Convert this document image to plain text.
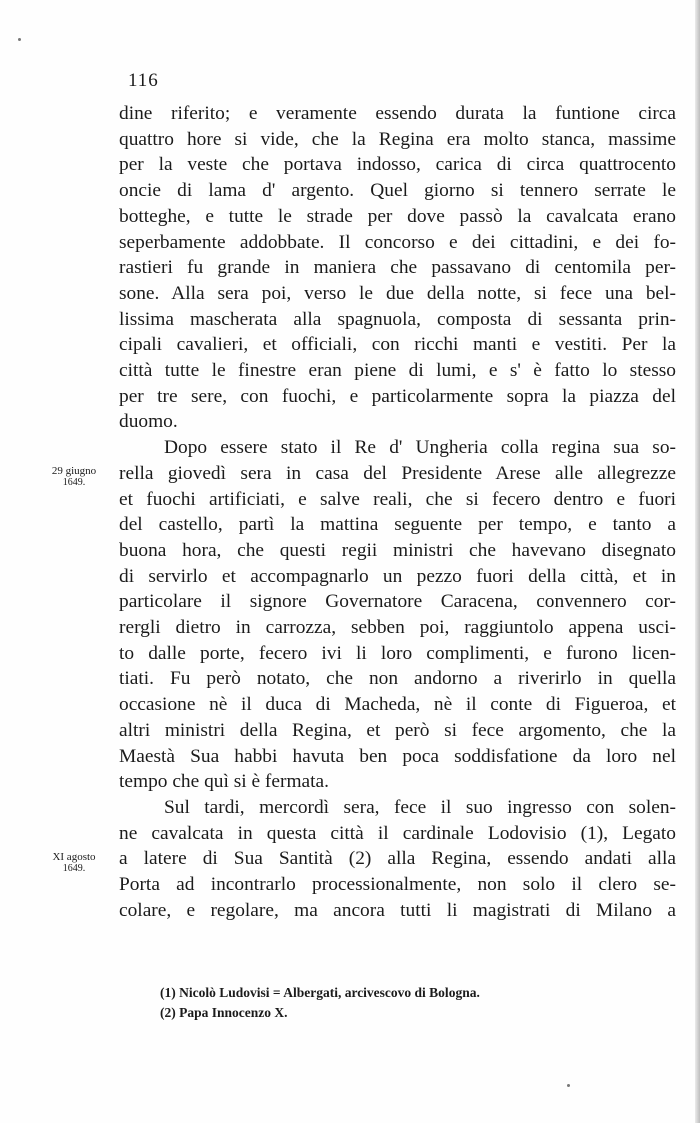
116
dine riferito; e veramente essendo durata la funtione circa
quattro hore si vide, che la Regina era molto stanca, massime
per la veste che portava indosso, carica di circa quattrocento
oncie di lama d' argento. Quel giorno si tennero serrate le
botteghe, e tutte le strade per dove passò la cavalcata erano
seperbamente addobbate. Il concorso e dei cittadini, e dei fo-
rastieri fu grande in maniera che passavano di centomila per-
sone. Alla sera poi, verso le due della notte, si fece una bel-
lissima mascherata alla spagnuola, composta di sessanta prin-
cipali cavalieri, et officiali, con ricchi manti e vestiti. Per la
città tutte le finestre eran piene di lumi, e s' è fatto lo stesso
per tre sere, con fuochi, e particolarmente sopra la piazza del
duomo.
Dopo essere stato il Re d' Ungheria colla regina sua so-
rella giovedì sera in casa del Presidente Arese alle allegrezze
et fuochi artificiati, e salve reali, che si fecero dentro e fuori
del castello, partì la mattina seguente per tempo, e tanto a
buona hora, che questi regii ministri che havevano disegnato
di servirlo et accompagnarlo un pezzo fuori della città, et in
particolare il signore Governatore Caracena, convennero cor-
rergli dietro in carrozza, sebben poi, raggiuntolo appena usci-
to dalle porte, fecero ivi li loro complimenti, e furono licen-
tiati. Fu però notato, che non andorno a riverirlo in quella
occasione nè il duca di Macheda, nè il conte di Figueroa, et
altri ministri della Regina, et però si fece argomento, che la
Maestà Sua habbi havuta ben poca soddisfatione da loro nel
tempo che quì si è fermata.
Sul tardi, mercordì sera, fece il suo ingresso con solen-
ne cavalcata in questa città il cardinale Lodovisio (1), Legato
a latere di Sua Santità (2) alla Regina, essendo andati alla
Porta ad incontrarlo processionalmente, non solo il clero se-
colare, e regolare, ma ancora tutti li magistrati di Milano a
29 giugno
1649.
XI agosto
1649.
(1) Nicolò Ludovisi = Albergati, arcivescovo di Bologna.
(2) Papa Innocenzo X.
